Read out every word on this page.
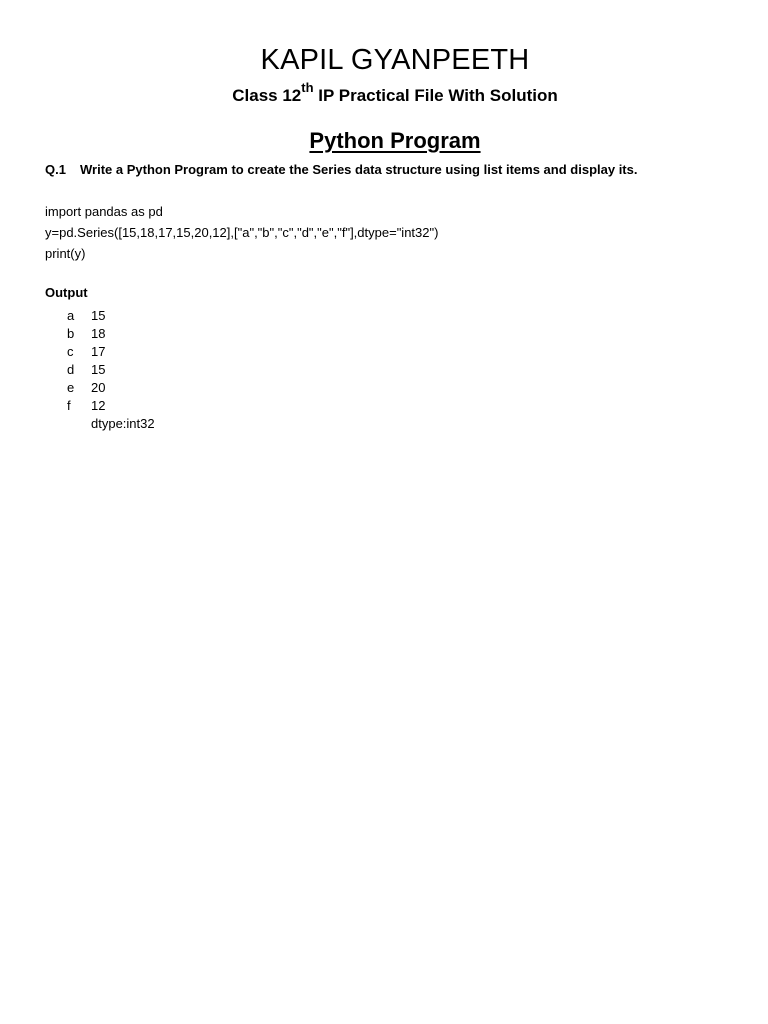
KAPIL GYANPEETH
Class 12th IP Practical File With Solution
Python Program
Q.1 Write a Python Program to create the Series data structure using list items and display its.
import pandas as pd
y=pd.Series([15,18,17,15,20,12],["a","b","c","d","e","f"],dtype="int32")
print(y)
Output
a 15
b 18
c 17
d 15
e 20
f 12
dtype:int32
